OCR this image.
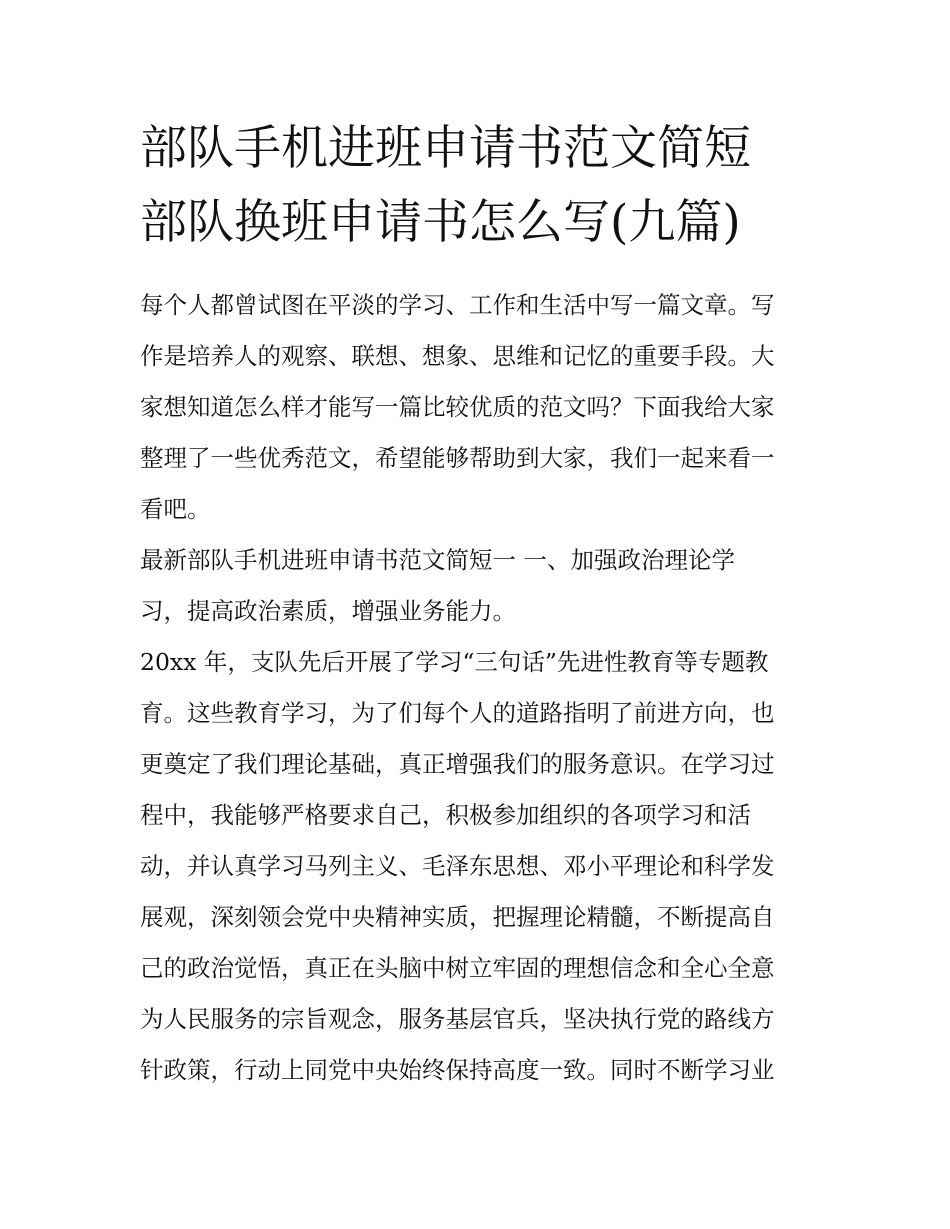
部队手机进班申请书范文简短
部队换班申请书怎么写(九篇)
每个人都曾试图在平淡的学习、工作和生活中写一篇文章。写
作是培养人的观察、联想、想象、思维和记忆的重要手段。大
家想知道怎么样才能写一篇比较优质的范文吗？下面我给大家
整理了一些优秀范文，希望能够帮助到大家，我们一起来看一
看吧。
最新部队手机进班申请书范文简短一 一、加强政治理论学
习，提高政治素质，增强业务能力。
20xx 年，支队先后开展了学习“三句话”先进性教育等专题教
育。这些教育学习，为了们每个人的道路指明了前进方向，也
更奠定了我们理论基础，真正增强我们的服务意识。在学习过
程中，我能够严格要求自己，积极参加组织的各项学习和活
动，并认真学习马列主义、毛泽东思想、邓小平理论和科学发
展观，深刻领会党中央精神实质，把握理论精髓，不断提高自
己的政治觉悟，真正在头脑中树立牢固的理想信念和全心全意
为人民服务的宗旨观念，服务基层官兵，坚决执行党的路线方
针政策，行动上同党中央始终保持高度一致。同时不断学习业
